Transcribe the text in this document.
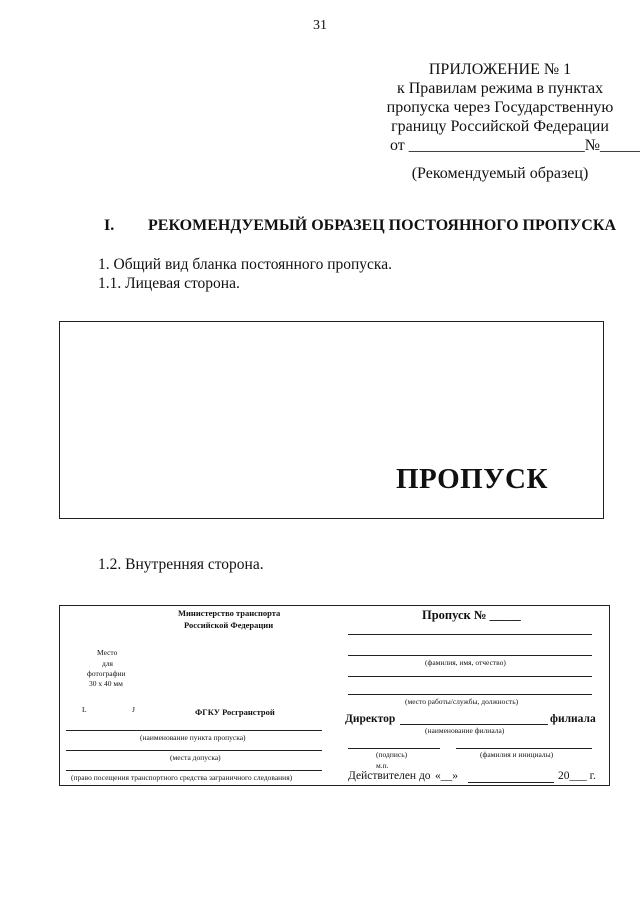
31
ПРИЛОЖЕНИЕ № 1
к Правилам режима в пунктах
пропуска через Государственную
границу Российской Федерации
от ______________________№_____
(Рекомендуемый образец)
I. РЕКОМЕНДУЕМЫЙ ОБРАЗЕЦ ПОСТОЯННОГО ПРОПУСКА
1. Общий вид бланка постоянного пропуска.
1.1. Лицевая сторона.
ПРОПУСК
1.2. Внутренняя сторона.
Министерство транспорта
Российской Федерации
Место
для
фотографии
30 х 40 мм
L	J	ФГКУ Росгранстрой
(наименование пункта пропуска)
(места допуска)
(право посещения транспортного средства заграничного следования)
Пропуск № _____
(фамилия, имя, отчество)
(место работы/службы, должность)
Директор	филиала
(наименование филиала)
(подпись)	(фамилия и инициалы)
м.п.
Действителен до «__»	20___ г.
